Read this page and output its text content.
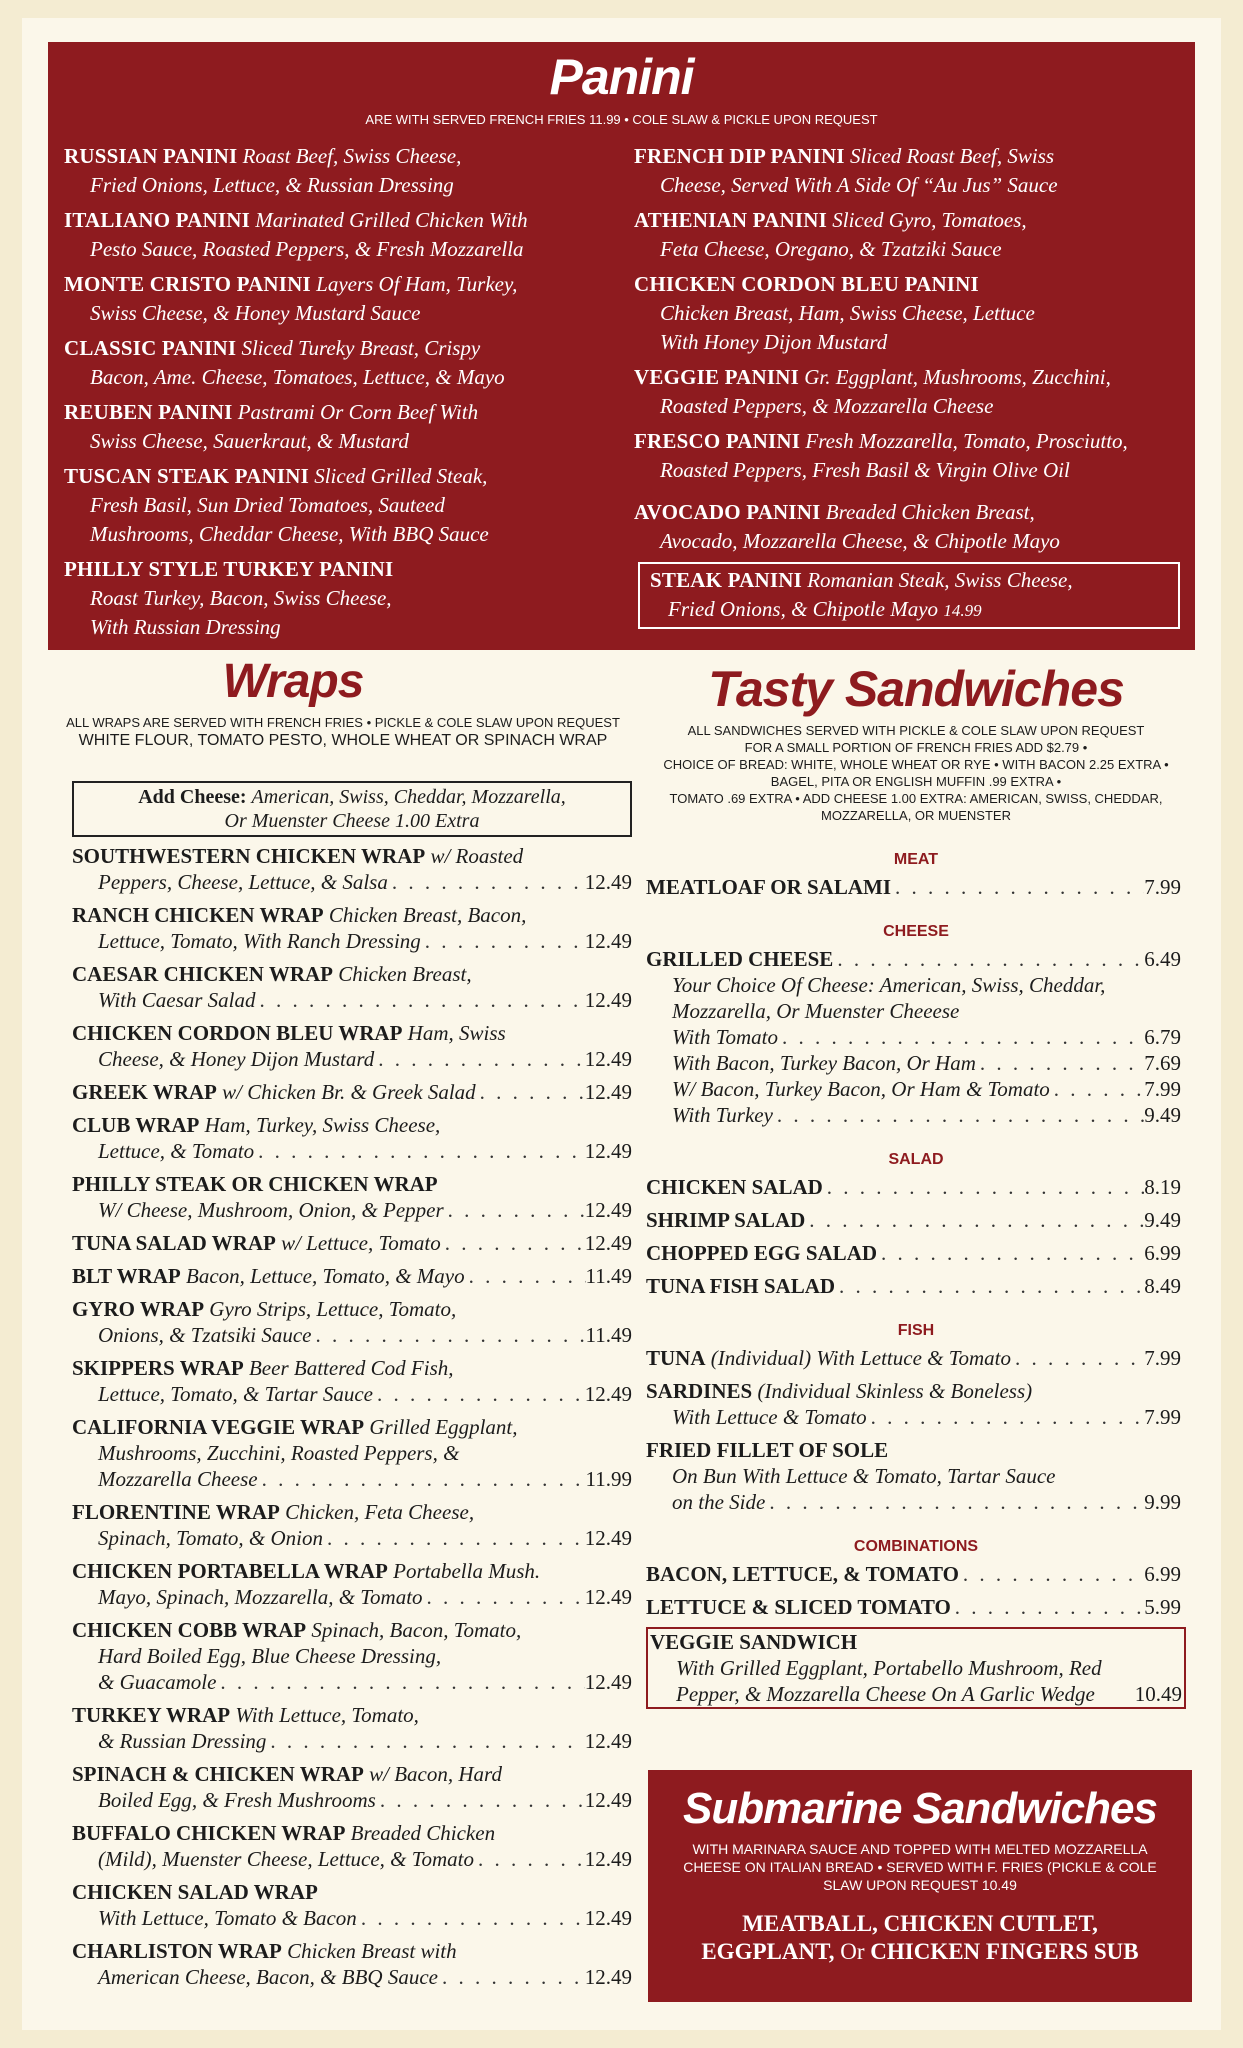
Panini
ARE WITH SERVED FRENCH FRIES 11.99 • COLE SLAW & PICKLE UPON REQUEST
RUSSIAN PANINI Roast Beef, Swiss Cheese,
Fried Onions, Lettuce, & Russian Dressing
ITALIANO PANINI Marinated Grilled Chicken With
Pesto Sauce, Roasted Peppers, & Fresh Mozzarella
MONTE CRISTO PANINI Layers Of Ham, Turkey,
Swiss Cheese, & Honey Mustard Sauce
CLASSIC PANINI Sliced Tureky Breast, Crispy
Bacon, Ame. Cheese, Tomatoes, Lettuce, & Mayo
REUBEN PANINI Pastrami Or Corn Beef With
Swiss Cheese, Sauerkraut, & Mustard
TUSCAN STEAK PANINI Sliced Grilled Steak,
Fresh Basil, Sun Dried Tomatoes, Sauteed
Mushrooms, Cheddar Cheese, With BBQ Sauce
PHILLY STYLE TURKEY PANINI
Roast Turkey, Bacon, Swiss Cheese,
With Russian Dressing
FRENCH DIP PANINI Sliced Roast Beef, Swiss
Cheese, Served With A Side Of “Au Jus” Sauce
ATHENIAN PANINI Sliced Gyro, Tomatoes,
Feta Cheese, Oregano, & Tzatziki Sauce
CHICKEN CORDON BLEU PANINI
Chicken Breast, Ham, Swiss Cheese, Lettuce
With Honey Dijon Mustard
VEGGIE PANINI Gr. Eggplant, Mushrooms, Zucchini,
Roasted Peppers, & Mozzarella Cheese
FRESCO PANINI Fresh Mozzarella, Tomato, Prosciutto,
Roasted Peppers, Fresh Basil & Virgin Olive Oil
AVOCADO PANINI Breaded Chicken Breast,
Avocado, Mozzarella Cheese, & Chipotle Mayo
STEAK PANINI Romanian Steak, Swiss Cheese,
Fried Onions, & Chipotle Mayo 14.99
Wraps
ALL WRAPS ARE SERVED WITH FRENCH FRIES • PICKLE & COLE SLAW UPON REQUEST
WHITE FLOUR, TOMATO PESTO, WHOLE WHEAT OR SPINACH WRAP
Add Cheese: American, Swiss, Cheddar, Mozzarella,
Or Muenster Cheese 1.00 Extra
SOUTHWESTERN CHICKEN WRAP w/ Roasted
Peppers, Cheese, Lettuce, & Salsa . . .	12.49
RANCH CHICKEN WRAP Chicken Breast, Bacon,
Lettuce, Tomato, With Ranch Dressing . . .	12.49
CAESAR CHICKEN WRAP Chicken Breast,
With Caesar Salad . . .	12.49
CHICKEN CORDON BLEU WRAP Ham, Swiss
Cheese, & Honey Dijon Mustard . . .	12.49
GREEK WRAP w/ Chicken Br. & Greek Salad . . .	12.49
CLUB WRAP Ham, Turkey, Swiss Cheese,
Lettuce, & Tomato . . .	12.49
PHILLY STEAK OR CHICKEN WRAP
W/ Cheese, Mushroom, Onion, & Pepper . . .	12.49
TUNA SALAD WRAP w/ Lettuce, Tomato . . .	12.49
BLT WRAP Bacon, Lettuce, Tomato, & Mayo . . .	11.49
GYRO WRAP Gyro Strips, Lettuce, Tomato,
Onions, & Tzatsiki Sauce . . .	11.49
SKIPPERS WRAP Beer Battered Cod Fish,
Lettuce, Tomato, & Tartar Sauce . . .	12.49
CALIFORNIA VEGGIE WRAP Grilled Eggplant,
Mushrooms, Zucchini, Roasted Peppers, &
Mozzarella Cheese . . .	11.99
FLORENTINE WRAP Chicken, Feta Cheese,
Spinach, Tomato, & Onion . . .	12.49
CHICKEN PORTABELLA WRAP Portabella Mush.
Mayo, Spinach, Mozzarella, & Tomato . . .	12.49
CHICKEN COBB WRAP Spinach, Bacon, Tomato,
Hard Boiled Egg, Blue Cheese Dressing,
& Guacamole . . .	12.49
TURKEY WRAP With Lettuce, Tomato,
& Russian Dressing . . .	12.49
SPINACH & CHICKEN WRAP w/ Bacon, Hard
Boiled Egg, & Fresh Mushrooms . . .	12.49
BUFFALO CHICKEN WRAP Breaded Chicken
(Mild), Muenster Cheese, Lettuce, & Tomato . . .	12.49
CHICKEN SALAD WRAP
With Lettuce, Tomato & Bacon . . .	12.49
CHARLISTON WRAP Chicken Breast with
American Cheese, Bacon, & BBQ Sauce . . .	12.49
Tasty Sandwiches
ALL SANDWICHES SERVED WITH PICKLE & COLE SLAW UPON REQUEST
FOR A SMALL PORTION OF FRENCH FRIES ADD $2.79 •
CHOICE OF BREAD: WHITE, WHOLE WHEAT OR RYE • WITH BACON 2.25 EXTRA •
BAGEL, PITA OR ENGLISH MUFFIN .99 EXTRA •
TOMATO .69 EXTRA • ADD CHEESE 1.00 EXTRA: AMERICAN, SWISS, CHEDDAR,
MOZZARELLA, OR MUENSTER
MEAT
MEATLOAF OR SALAMI . . .	7.99
CHEESE
GRILLED CHEESE . . .	6.49
Your Choice Of Cheese: American, Swiss, Cheddar,
Mozzarella, Or Muenster Cheeese
With Tomato . . .	6.79
With Bacon, Turkey Bacon, Or Ham . . .	7.69
W/ Bacon, Turkey Bacon, Or Ham & Tomato . . .	7.99
With Turkey . . .	9.49
SALAD
CHICKEN SALAD . . .	8.19
SHRIMP SALAD . . .	9.49
CHOPPED EGG SALAD . . .	6.99
TUNA FISH SALAD . . .	8.49
FISH
TUNA (Individual) With Lettuce & Tomato . . .	7.99
SARDINES (Individual Skinless & Boneless)
With Lettuce & Tomato . . .	7.99
FRIED FILLET OF SOLE
On Bun With Lettuce & Tomato, Tartar Sauce
on the Side . . .	9.99
COMBINATIONS
BACON, LETTUCE, & TOMATO . . .	6.99
LETTUCE & SLICED TOMATO . . .	5.99
VEGGIE SANDWICH
With Grilled Eggplant, Portabello Mushroom, Red
Pepper, & Mozzarella Cheese On A Garlic Wedge 10.49
Submarine Sandwiches
WITH MARINARA SAUCE AND TOPPED WITH MELTED MOZZARELLA
CHEESE ON ITALIAN BREAD • SERVED WITH F. FRIES (PICKLE & COLE
SLAW UPON REQUEST 10.49
MEATBALL, CHICKEN CUTLET,
EGGPLANT, Or CHICKEN FINGERS SUB
